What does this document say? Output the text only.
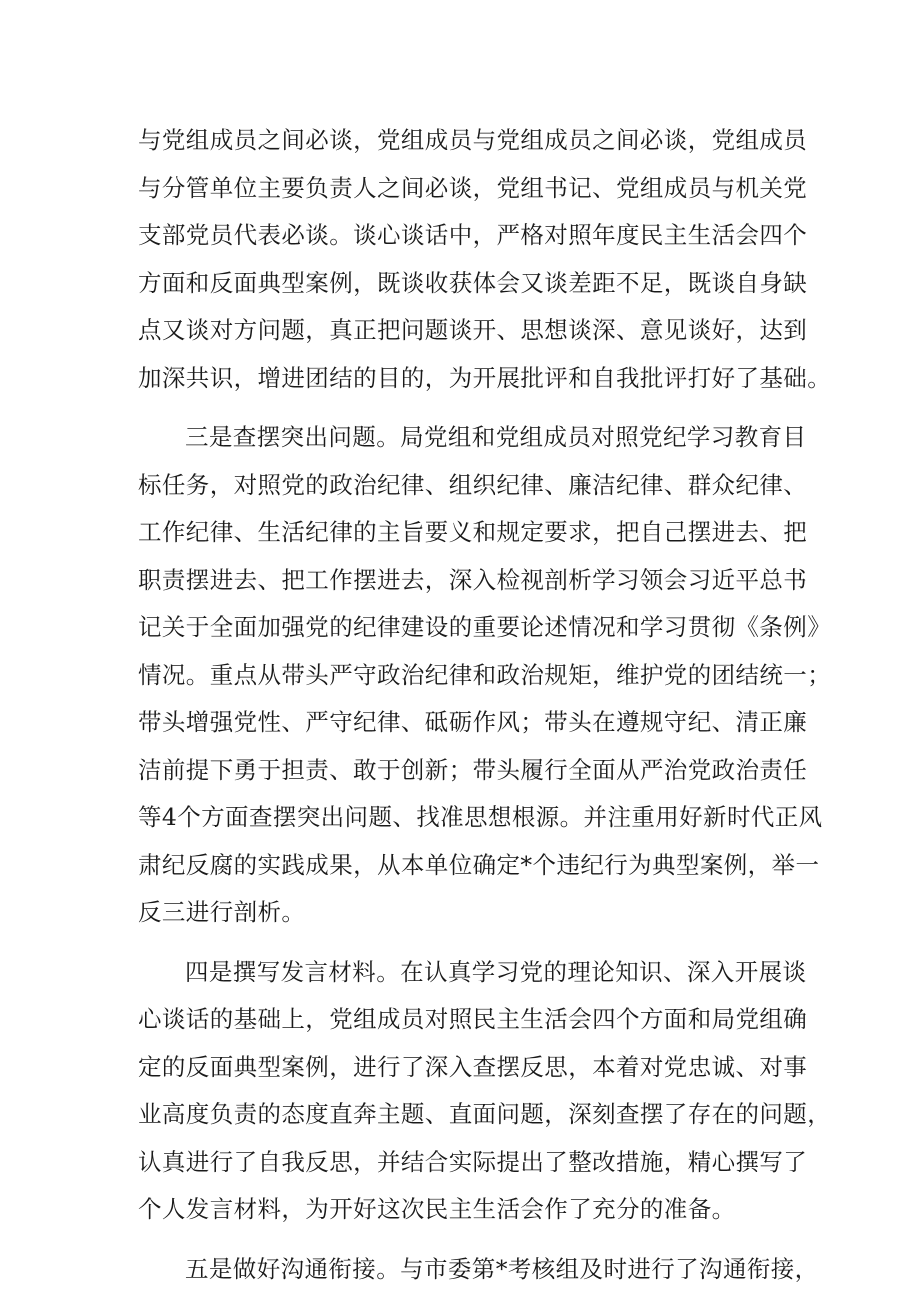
与党组成员之间必谈，党组成员与党组成员之间必谈，党组成员
与分管单位主要负责人之间必谈，党组书记、党组成员与机关党
支部党员代表必谈。谈心谈话中，严格对照年度民主生活会四个
方面和反面典型案例，既谈收获体会又谈差距不足，既谈自身缺
点又谈对方问题，真正把问题谈开、思想谈深、意见谈好，达到
加深共识，增进团结的目的，为开展批评和自我批评打好了基础。
三是查摆突出问题。局党组和党组成员对照党纪学习教育目
标任务，对照党的政治纪律、组织纪律、廉洁纪律、群众纪律、
工作纪律、生活纪律的主旨要义和规定要求，把自己摆进去、把
职责摆进去、把工作摆进去，深入检视剖析学习领会习近平总书
记关于全面加强党的纪律建设的重要论述情况和学习贯彻《条例》
情况。重点从带头严守政治纪律和政治规矩，维护党的团结统一；
带头增强党性、严守纪律、砥砺作风；带头在遵规守纪、清正廉
洁前提下勇于担责、敢于创新；带头履行全面从严治党政治责任
等4个方面查摆突出问题、找准思想根源。并注重用好新时代正风
肃纪反腐的实践成果，从本单位确定*个违纪行为典型案例，举一
反三进行剖析。
四是撰写发言材料。在认真学习党的理论知识、深入开展谈
心谈话的基础上，党组成员对照民主生活会四个方面和局党组确
定的反面典型案例，进行了深入查摆反思，本着对党忠诚、对事
业高度负责的态度直奔主题、直面问题，深刻查摆了存在的问题，
认真进行了自我反思，并结合实际提出了整改措施，精心撰写了
个人发言材料，为开好这次民主生活会作了充分的准备。
五是做好沟通衔接。与市委第*考核组及时进行了沟通衔接，
